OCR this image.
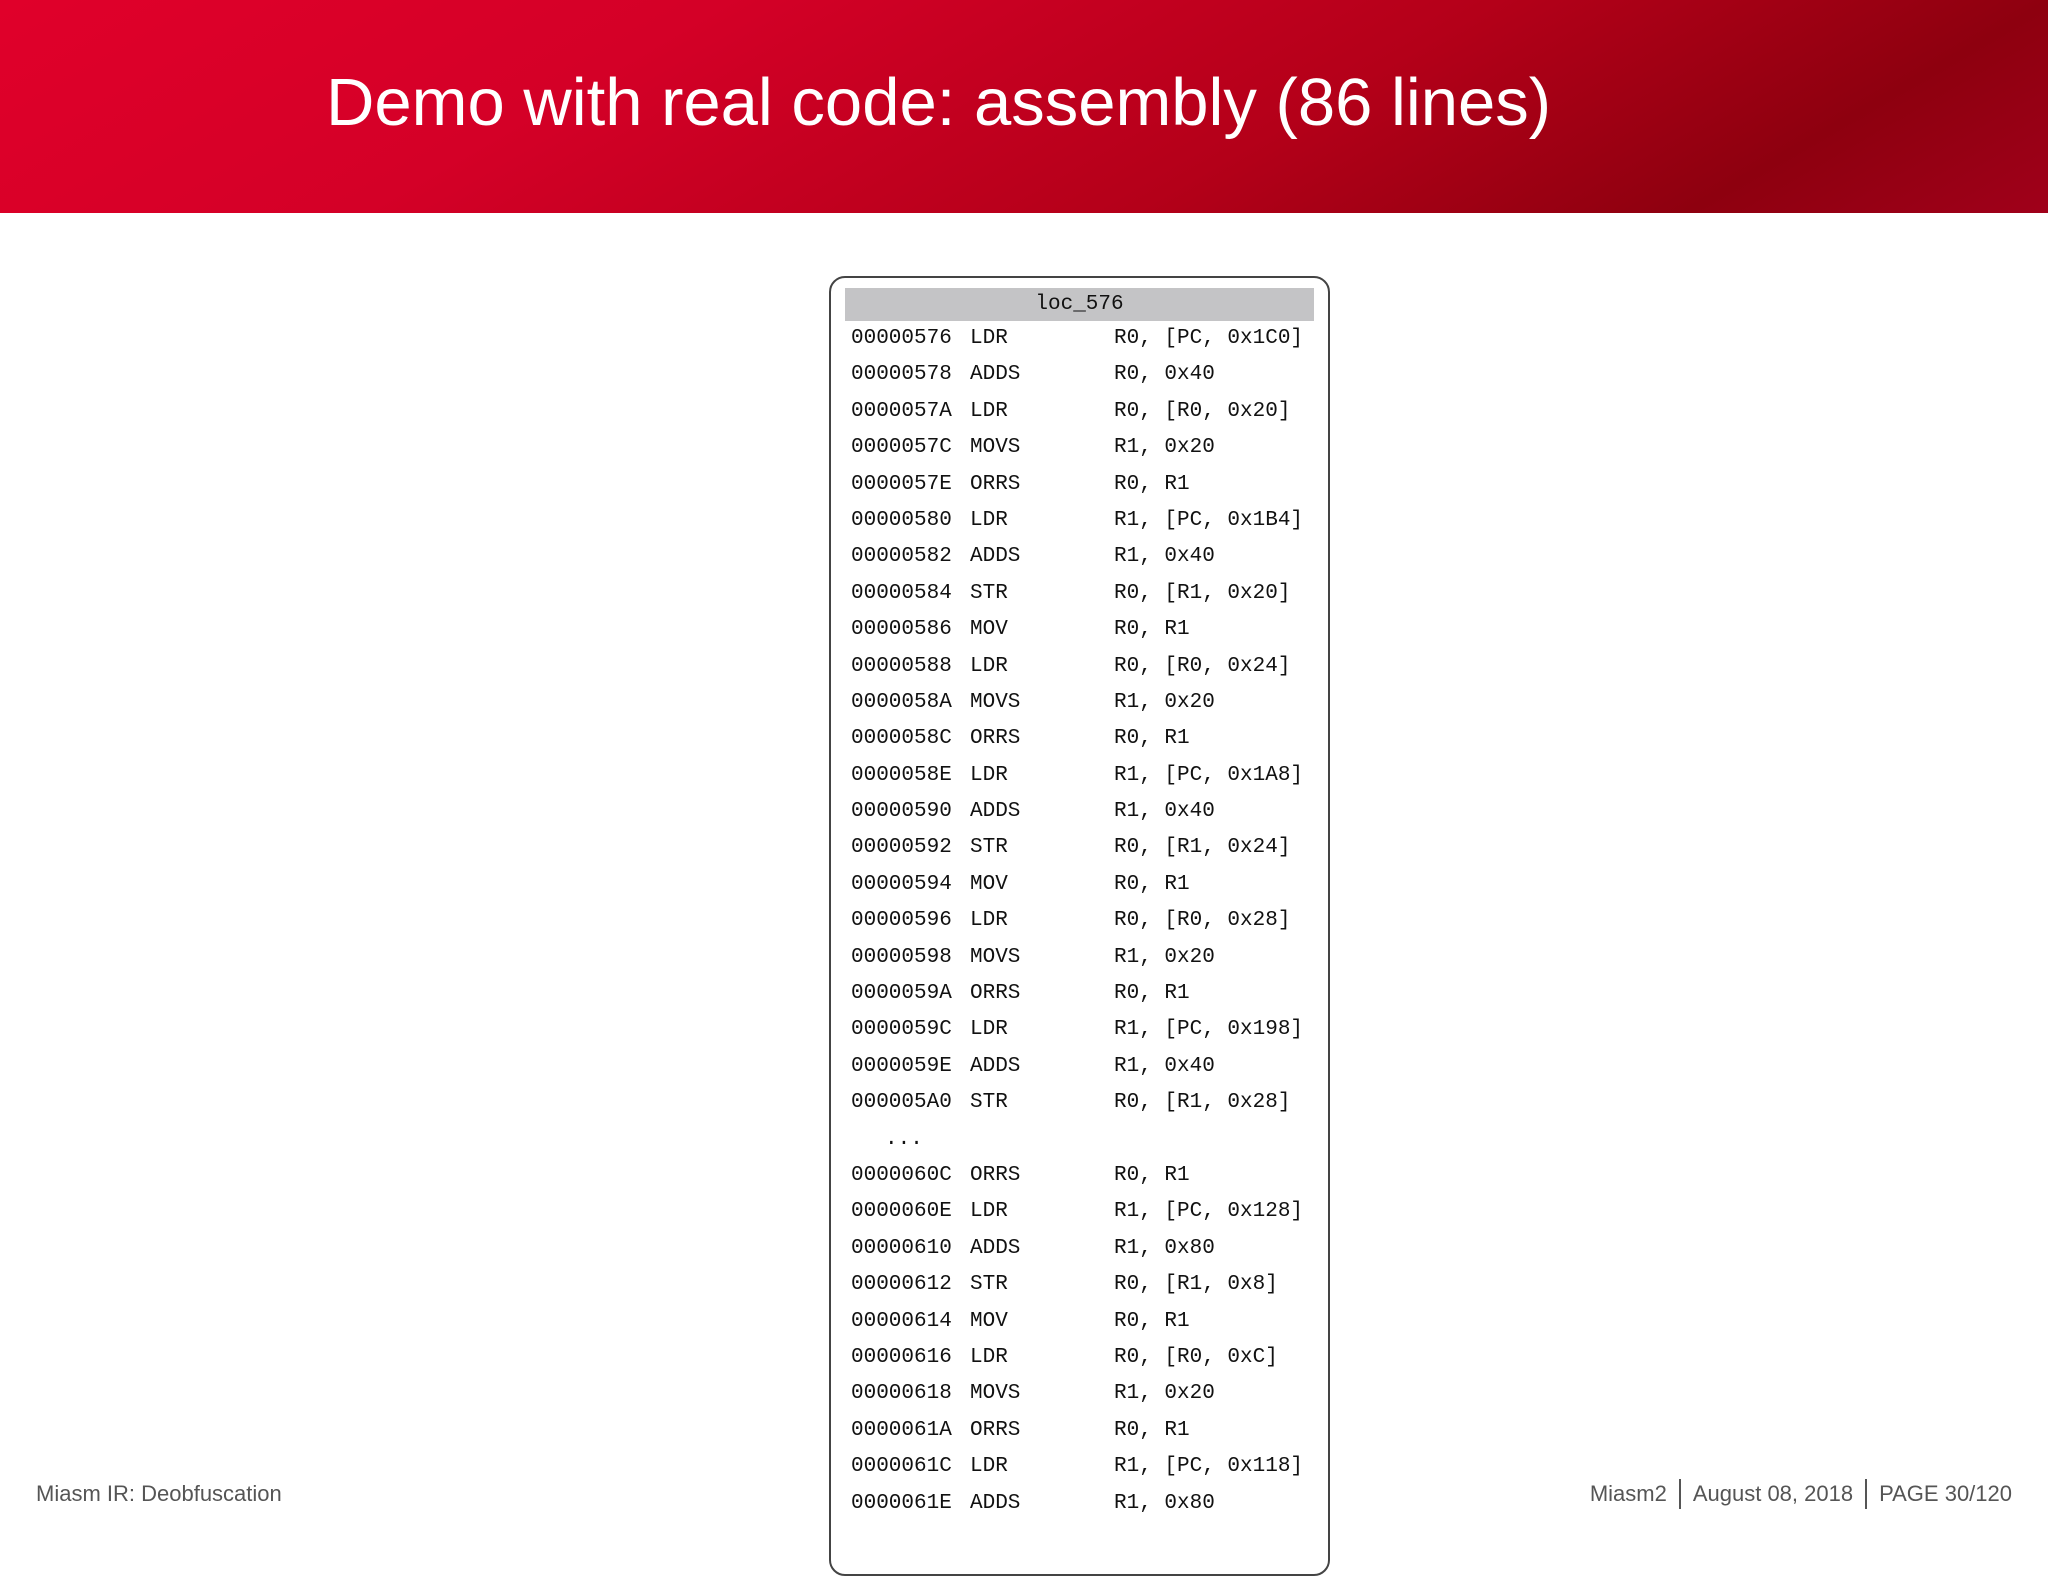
Demo with real code: assembly (86 lines)
loc_576
00000576 LDR	R0, [PC, 0x1C0]
00000578 ADDS	R0, 0x40
0000057A LDR	R0, [R0, 0x20]
0000057C MOVS	R1, 0x20
0000057E ORRS	R0, R1
00000580 LDR	R1, [PC, 0x1B4]
00000582 ADDS	R1, 0x40
00000584 STR	R0, [R1, 0x20]
00000586 MOV	R0, R1
00000588 LDR	R0, [R0, 0x24]
0000058A MOVS	R1, 0x20
0000058C ORRS	R0, R1
0000058E LDR	R1, [PC, 0x1A8]
00000590 ADDS	R1, 0x40
00000592 STR	R0, [R1, 0x24]
00000594 MOV	R0, R1
00000596 LDR	R0, [R0, 0x28]
00000598 MOVS	R1, 0x20
0000059A ORRS	R0, R1
0000059C LDR	R1, [PC, 0x198]
0000059E ADDS	R1, 0x40
000005A0 STR	R0, [R1, 0x28]
...
0000060C ORRS	R0, R1
0000060E LDR	R1, [PC, 0x128]
00000610 ADDS	R1, 0x80
00000612 STR	R0, [R1, 0x8]
00000614 MOV	R0, R1
00000616 LDR	R0, [R0, 0xC]
00000618 MOVS	R1, 0x20
0000061A ORRS	R0, R1
0000061C LDR	R1, [PC, 0x118]
0000061E ADDS	R1, 0x80
Miasm IR: Deobfuscation	Miasm2 August 08, 2018 PAGE 30/120
